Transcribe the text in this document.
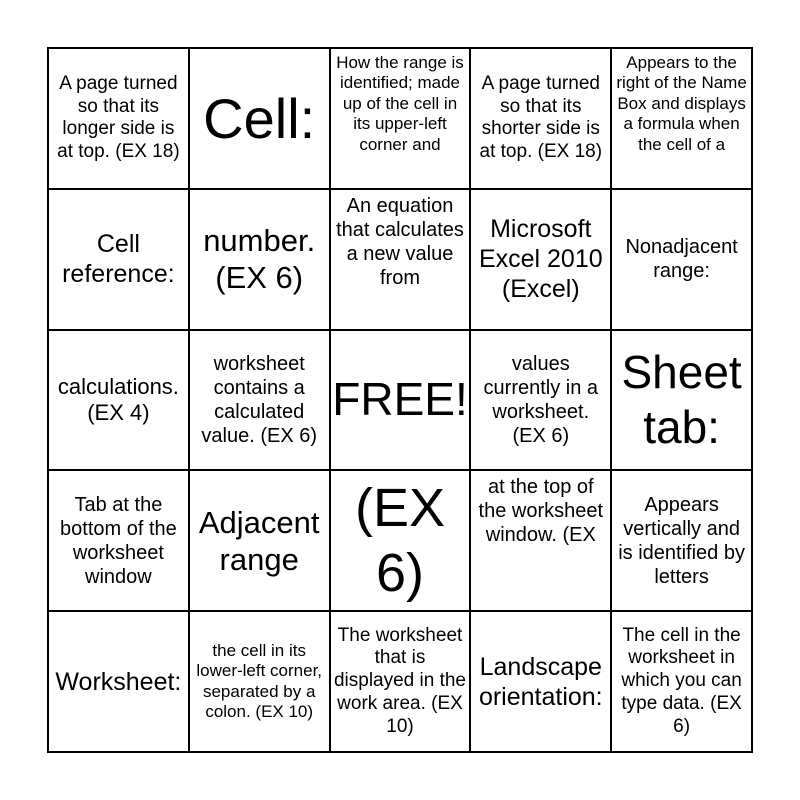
A page turned so that its longer side is at top. (EX 18)
Cell:
How the range is identified; made up of the cell in its upper-left corner and
A page turned so that its shorter side is at top. (EX 18)
Appears to the right of the Name Box and displays a formula when the cell of a
Cell reference:
number. (EX 6)
An equation that calculates a new value from
Microsoft Excel 2010 (Excel)
Nonadjacent range:
calculations. (EX 4)
worksheet contains a calculated value. (EX 6)
FREE!
values currently in a worksheet. (EX 6)
Sheet tab:
Tab at the bottom of the worksheet window
Adjacent range
(EX 6)
at the top of the worksheet window. (EX
Appears vertically and is identified by letters
Worksheet:
the cell in its lower-left corner, separated by a colon. (EX 10)
The worksheet that is displayed in the work area. (EX 10)
Landscape orientation:
The cell in the worksheet in which you can type data. (EX 6)
